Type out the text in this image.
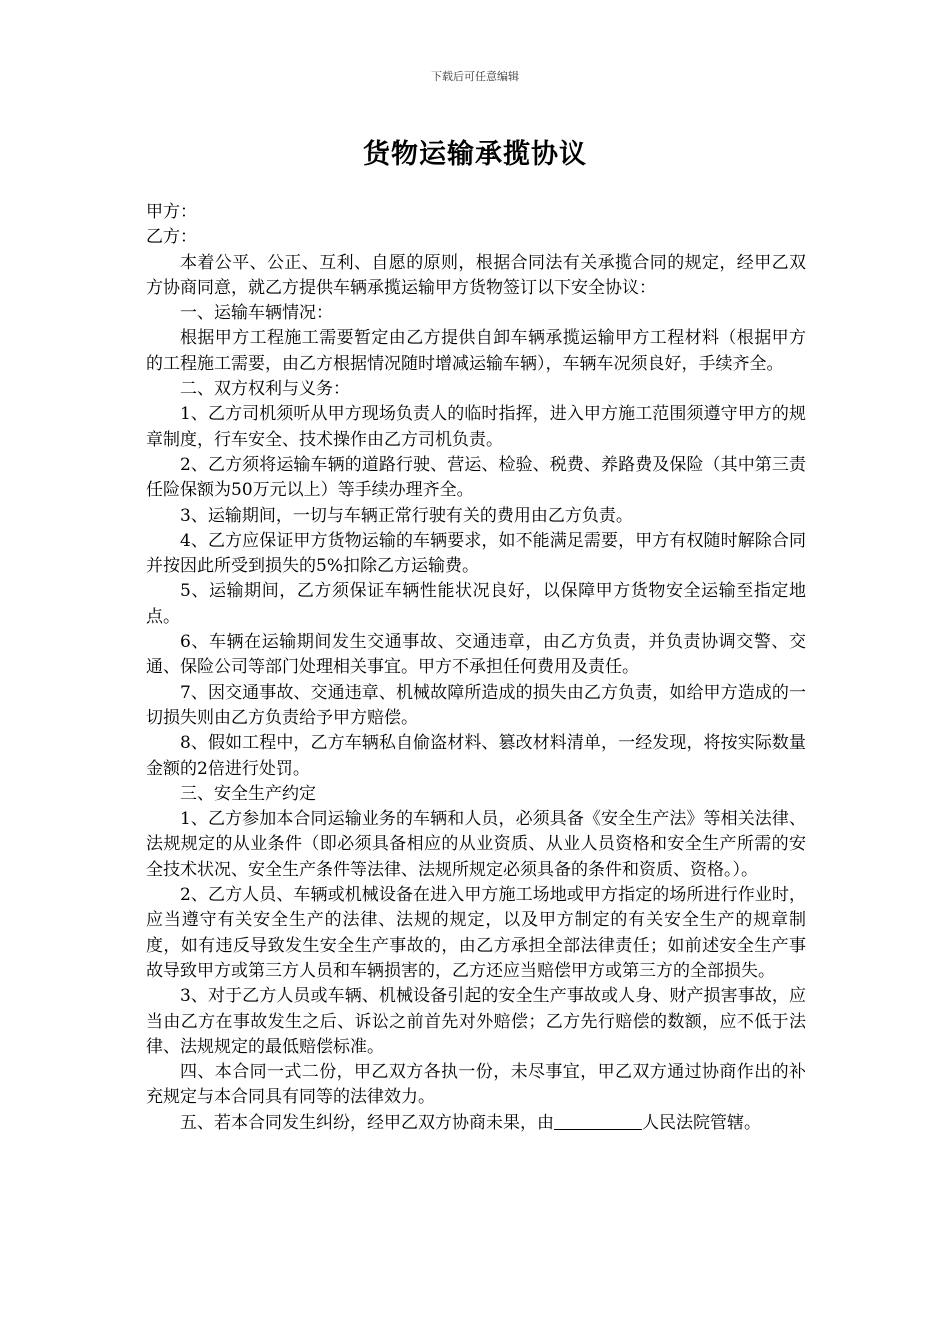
下载后可任意编辑
货物运输承揽协议

甲方：

乙方：

本着公平、公正、互利、自愿的原则，根据合同法有关承揽合同的规定，经甲乙双方协商同意，就乙方提供车辆承揽运输甲方货物签订以下安全协议：

一、运输车辆情况：

根据甲方工程施工需要暂定由乙方提供自卸车辆承揽运输甲方工程材料（根据甲方的工程施工需要，由乙方根据情况随时增减运输车辆），车辆车况须良好，手续齐全。

二、双方权利与义务：

1、乙方司机须听从甲方现场负责人的临时指挥，进入甲方施工范围须遵守甲方的规章制度，行车安全、技术操作由乙方司机负责。

2、乙方须将运输车辆的道路行驶、营运、检验、税费、养路费及保险（其中第三责任险保额为50万元以上）等手续办理齐全。

3、运输期间，一切与车辆正常行驶有关的费用由乙方负责。

4、乙方应保证甲方货物运输的车辆要求，如不能满足需要，甲方有权随时解除合同并按因此所受到损失的5%扣除乙方运输费。

5、运输期间，乙方须保证车辆性能状况良好，以保障甲方货物安全运输至指定地点。

6、车辆在运输期间发生交通事故、交通违章，由乙方负责，并负责协调交警、交通、保险公司等部门处理相关事宜。甲方不承担任何费用及责任。

7、因交通事故、交通违章、机械故障所造成的损失由乙方负责，如给甲方造成的一切损失则由乙方负责给予甲方赔偿。

8、假如工程中，乙方车辆私自偷盗材料、篡改材料清单，一经发现，将按实际数量金额的2倍进行处罚。

三、安全生产约定

1、乙方参加本合同运输业务的车辆和人员，必须具备《安全生产法》等相关法律、法规规定的从业条件（即必须具备相应的从业资质、从业人员资格和安全生产所需的安全技术状况、安全生产条件等法律、法规所规定必须具备的条件和资质、资格。）。

2、乙方人员、车辆或机械设备在进入甲方施工场地或甲方指定的场所进行作业时，应当遵守有关安全生产的法律、法规的规定，以及甲方制定的有关安全生产的规章制度，如有违反导致发生安全生产事故的，由乙方承担全部法律责任；如前述安全生产事故导致甲方或第三方人员和车辆损害的，乙方还应当赔偿甲方或第三方的全部损失。

3、对于乙方人员或车辆、机械设备引起的安全生产事故或人身、财产损害事故，应当由乙方在事故发生之后、诉讼之前首先对外赔偿；乙方先行赔偿的数额，应不低于法律、法规规定的最低赔偿标准。

四、本合同一式二份，甲乙双方各执一份，未尽事宜，甲乙双方通过协商作出的补充规定与本合同具有同等的法律效力。

五、若本合同发生纠纷，经甲乙双方协商未果，由	人民法院管辖。
